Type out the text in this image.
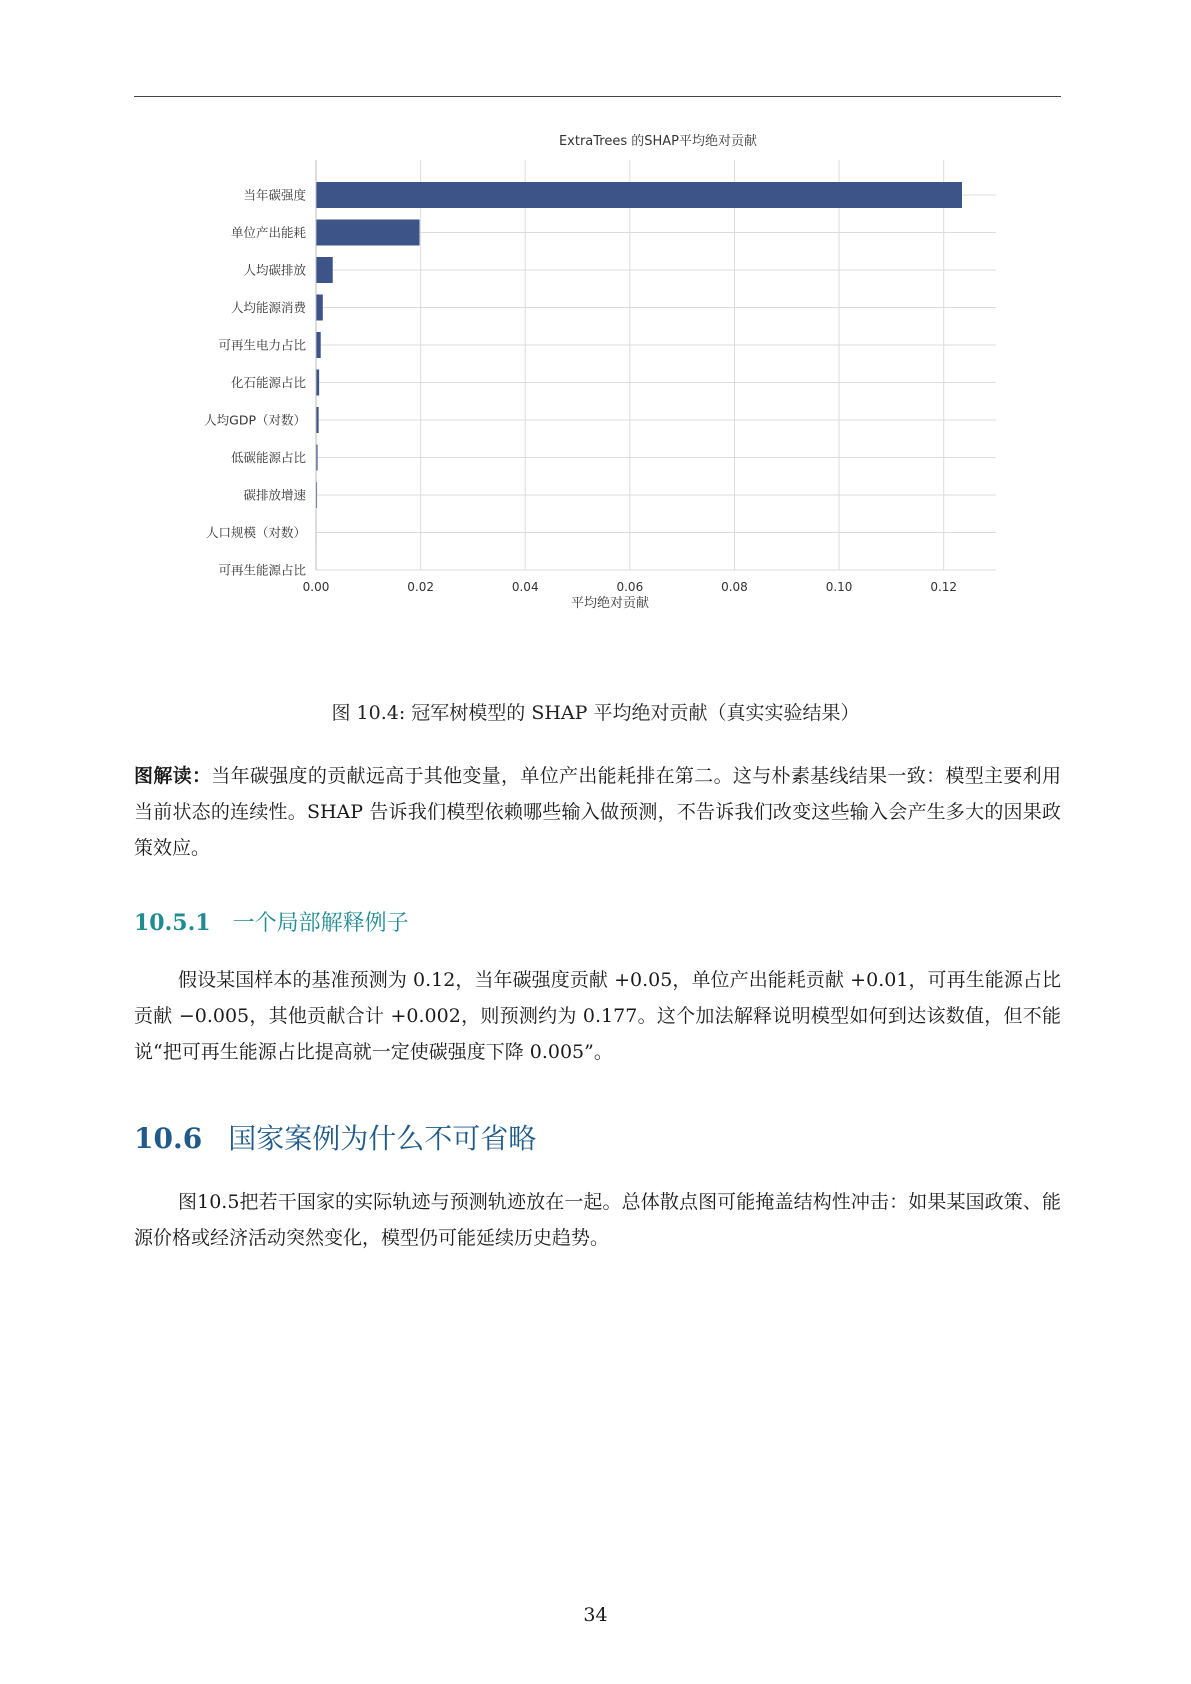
ExtraTrees 的SHAP平均绝对贡献
当年碳强度
单位产出能耗
人均碳排放
人均能源消费
可再生电力占比
化石能源占比
人均GDP（对数）
低碳能源占比
碳排放增速
人口规模（对数）
可再生能源占比
0.00	0.02	0.04	0.06	0.08	0.10	0.12
平均绝对贡献
图 10.4: 冠军树模型的 SHAP 平均绝对贡献（真实实验结果）
图解读：当年碳强度的贡献远高于其他变量，单位产出能耗排在第二。这与朴素基线结果一致：模型主要利用当前状态的连续性。SHAP 告诉我们模型依赖哪些输入做预测，不告诉我们改变这些输入会产生多大的因果政策效应。
10.5.1 一个局部解释例子
假设某国样本的基准预测为 0.12，当年碳强度贡献 +0.05，单位产出能耗贡献 +0.01，可再生能源占比贡献 −0.005，其他贡献合计 +0.002，则预测约为 0.177。这个加法解释说明模型如何到达该数值，但不能说“把可再生能源占比提高就一定使碳强度下降 0.005”。
10.6 国家案例为什么不可省略
图10.5把若干国家的实际轨迹与预测轨迹放在一起。总体散点图可能掩盖结构性冲击：如果某国政策、能源价格或经济活动突然变化，模型仍可能延续历史趋势。
34
